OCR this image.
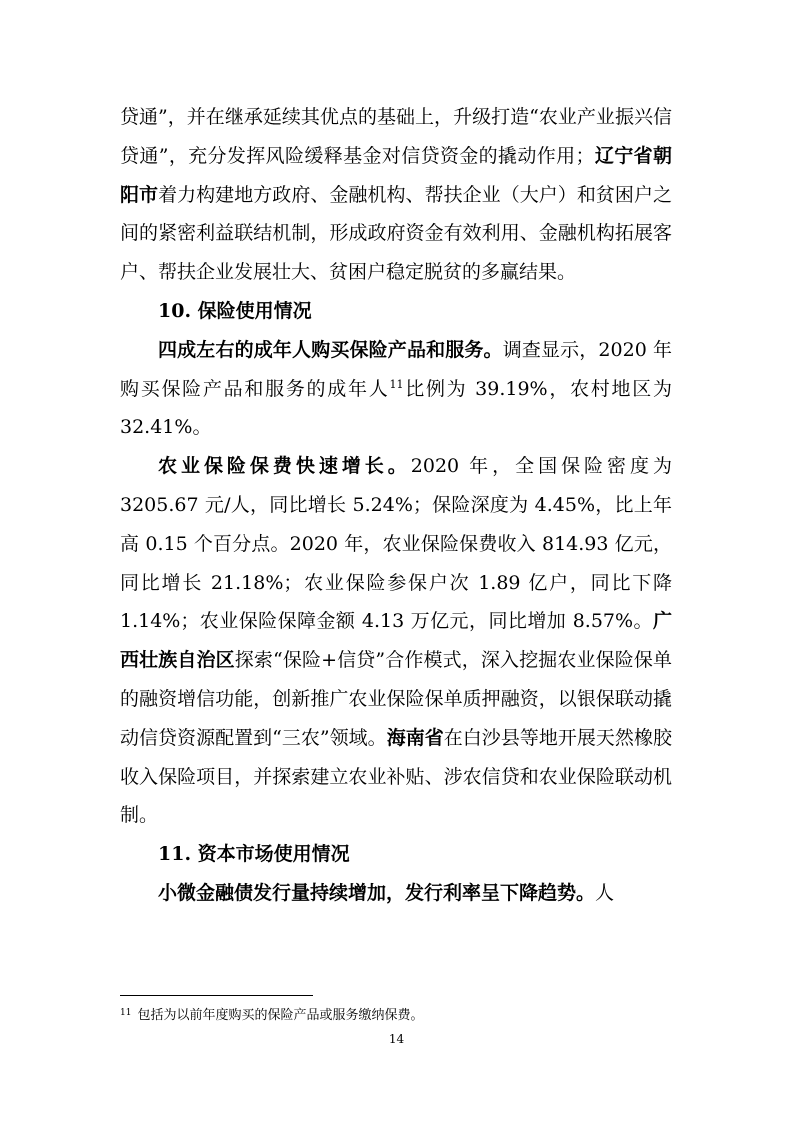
贷通”，并在继承延续其优点的基础上，升级打造“农业产业振兴信贷通”，充分发挥风险缓释基金对信贷资金的撬动作用；辽宁省朝阳市着力构建地方政府、金融机构、帮扶企业（大户）和贫困户之间的紧密利益联结机制，形成政府资金有效利用、金融机构拓展客户、帮扶企业发展壮大、贫困户稳定脱贫的多赢结果。

10. 保险使用情况

四成左右的成年人购买保险产品和服务。调查显示，2020 年购买保险产品和服务的成年人$^{11}$比例为 39.19%，农村地区为 32.41%。

农业保险保费快速增长。2020 年，全国保险密度为 3205.67 元/人，同比增长 5.24%；保险深度为 4.45%，比上年高 0.15 个百分点。2020 年，农业保险保费收入 814.93 亿元，同比增长 21.18%；农业保险参保户次 1.89 亿户，同比下降 1.14%；农业保险保障金额 4.13 万亿元，同比增加 8.57%。广西壮族自治区探索“保险+信贷”合作模式，深入挖掘农业保险保单的融资增信功能，创新推广农业保险保单质押融资，以银保联动撬动信贷资源配置到“三农”领域。海南省在白沙县等地开展天然橡胶收入保险项目，并探索建立农业补贴、涉农信贷和农业保险联动机制。

11. 资本市场使用情况

小微金融债发行量持续增加，发行利率呈下降趋势。人

$^{11}$ 包括为以前年度购买的保险产品或服务缴纳保费。
14
